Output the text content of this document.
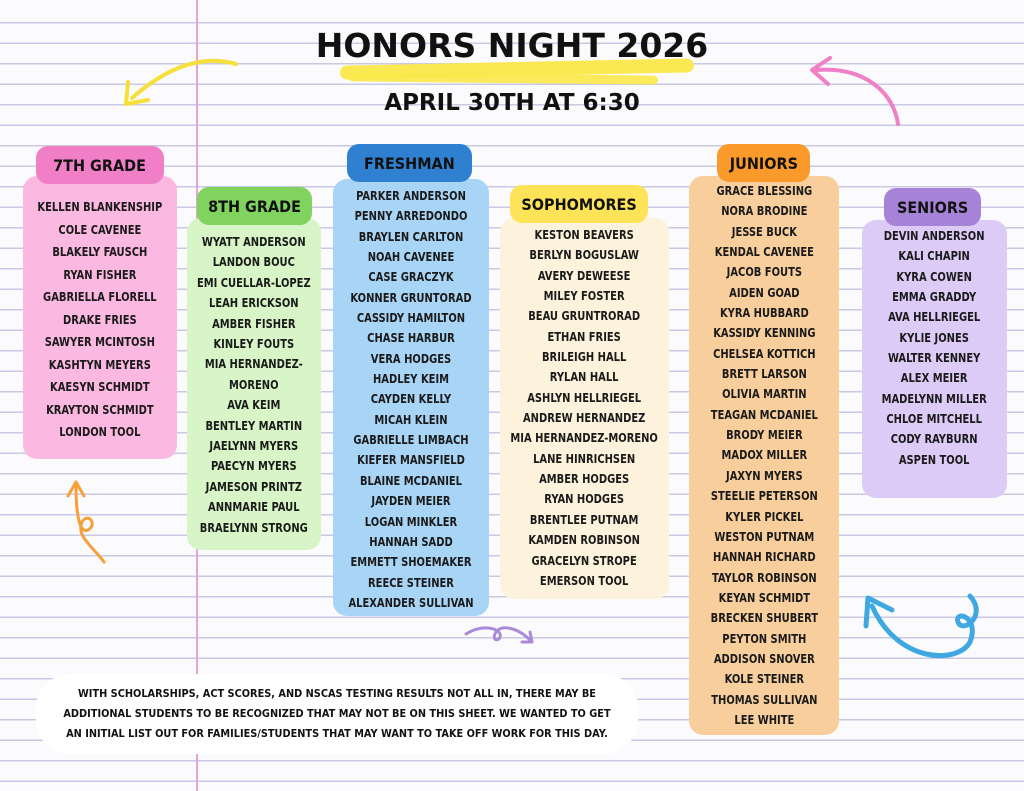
HONORS NIGHT 2026
APRIL 30TH AT 6:30
KELLEN BLANKENSHIP
COLE CAVENEE
BLAKELY FAUSCH
RYAN FISHER
GABRIELLA FLORELL
DRAKE FRIES
SAWYER MCINTOSH
KASHTYN MEYERS
KAESYN SCHMIDT
KRAYTON SCHMIDT
LONDON TOOL
7TH GRADE
WYATT ANDERSON
LANDON BOUC
EMI CUELLAR-LOPEZ
LEAH ERICKSON
AMBER FISHER
KINLEY FOUTS
MIA HERNANDEZ-
MORENO
AVA KEIM
BENTLEY MARTIN
JAELYNN MYERS
PAECYN MYERS
JAMESON PRINTZ
ANNMARIE PAUL
BRAELYNN STRONG
8TH GRADE
PARKER ANDERSON
PENNY ARREDONDO
BRAYLEN CARLTON
NOAH CAVENEE
CASE GRACZYK
KONNER GRUNTORAD
CASSIDY HAMILTON
CHASE HARBUR
VERA HODGES
HADLEY KEIM
CAYDEN KELLY
MICAH KLEIN
GABRIELLE LIMBACH
KIEFER MANSFIELD
BLAINE MCDANIEL
JAYDEN MEIER
LOGAN MINKLER
HANNAH SADD
EMMETT SHOEMAKER
REECE STEINER
ALEXANDER SULLIVAN
FRESHMAN
KESTON BEAVERS
BERLYN BOGUSLAW
AVERY DEWEESE
MILEY FOSTER
BEAU GRUNTRORAD
ETHAN FRIES
BRILEIGH HALL
RYLAN HALL
ASHLYN HELLRIEGEL
ANDREW HERNANDEZ
MIA HERNANDEZ-MORENO
LANE HINRICHSEN
AMBER HODGES
RYAN HODGES
BRENTLEE PUTNAM
KAMDEN ROBINSON
GRACELYN STROPE
EMERSON TOOL
SOPHOMORES
GRACE BLESSING
NORA BRODINE
JESSE BUCK
KENDAL CAVENEE
JACOB FOUTS
AIDEN GOAD
KYRA HUBBARD
KASSIDY KENNING
CHELSEA KOTTICH
BRETT LARSON
OLIVIA MARTIN
TEAGAN MCDANIEL
BRODY MEIER
MADOX MILLER
JAXYN MYERS
STEELIE PETERSON
KYLER PICKEL
WESTON PUTNAM
HANNAH RICHARD
TAYLOR ROBINSON
KEYAN SCHMIDT
BRECKEN SHUBERT
PEYTON SMITH
ADDISON SNOVER
KOLE STEINER
THOMAS SULLIVAN
LEE WHITE
JUNIORS
DEVIN ANDERSON
KALI CHAPIN
KYRA COWEN
EMMA GRADDY
AVA HELLRIEGEL
KYLIE JONES
WALTER KENNEY
ALEX MEIER
MADELYNN MILLER
CHLOE MITCHELL
CODY RAYBURN
ASPEN TOOL
SENIORS

WITH SCHOLARSHIPS, ACT SCORES, AND NSCAS TESTING RESULTS NOT ALL IN, THERE MAY BE ADDITIONAL STUDENTS TO BE RECOGNIZED THAT MAY NOT BE ON THIS SHEET. WE WANTED TO GET AN INITIAL LIST OUT FOR FAMILIES/STUDENTS THAT MAY WANT TO TAKE OFF WORK FOR THIS DAY.
